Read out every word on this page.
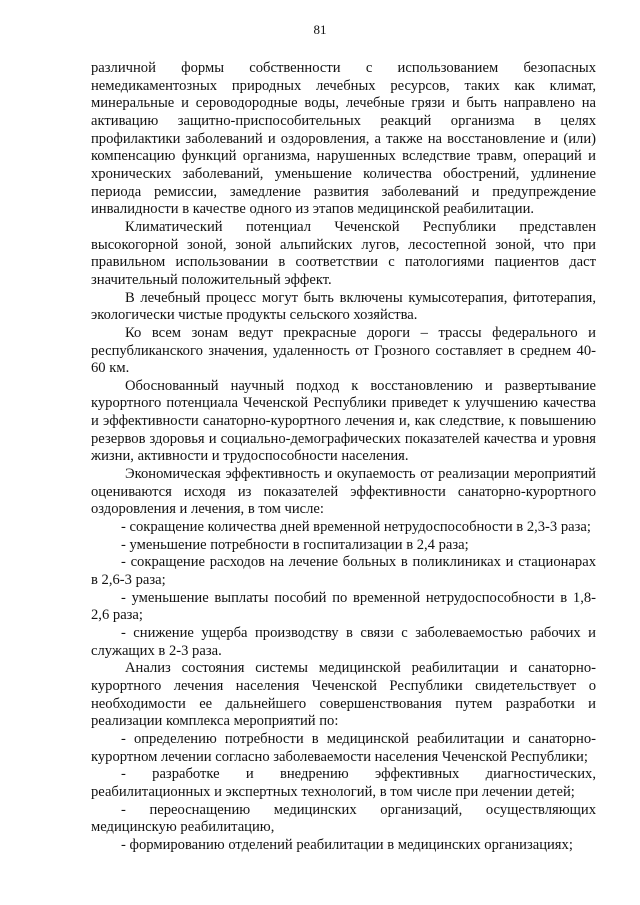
81

различной формы собственности с использованием безопасных немедикаментозных природных лечебных ресурсов, таких как климат, минеральные и сероводородные воды, лечебные грязи и быть направлено на активацию защитно-приспособительных реакций организма в целях профилактики заболеваний и оздоровления, а также на восстановление и (или) компенсацию функций организма, нарушенных вследствие травм, операций и хронических заболеваний, уменьшение количества обострений, удлинение периода ремиссии, замедление развития заболеваний и предупреждение инвалидности в качестве одного из этапов медицинской реабилитации.

Климатический потенциал Чеченской Республики представлен высокогорной зоной, зоной альпийских лугов, лесостепной зоной, что при правильном использовании в соответствии с патологиями пациентов даст значительный положительный эффект.

В лечебный процесс могут быть включены кумысотерапия, фитотерапия, экологически чистые продукты сельского хозяйства.

Ко всем зонам ведут прекрасные дороги – трассы федерального и республиканского значения, удаленность от Грозного составляет в среднем 40-60 км.

Обоснованный научный подход к восстановлению и развертывание курортного потенциала Чеченской Республики приведет к улучшению качества и эффективности санаторно-курортного лечения и, как следствие, к повышению резервов здоровья и социально-демографических показателей качества и уровня жизни, активности и трудоспособности населения.

Экономическая эффективность и окупаемость от реализации мероприятий оцениваются исходя из показателей эффективности санаторно-курортного оздоровления и лечения, в том числе:

- сокращение количества дней временной нетрудоспособности в 2,3-3 раза;

- уменьшение потребности в госпитализации в 2,4 раза;

- сокращение расходов на лечение больных в поликлиниках и стационарах в 2,6-3 раза;

- уменьшение выплаты пособий по временной нетрудоспособности в 1,8-2,6 раза;

- снижение ущерба производству в связи с заболеваемостью рабочих и служащих в 2-3 раза.

Анализ состояния системы медицинской реабилитации и санаторно-курортного лечения населения Чеченской Республики свидетельствует о необходимости ее дальнейшего совершенствования путем разработки и реализации комплекса мероприятий по:

- определению потребности в медицинской реабилитации и санаторно-курортном лечении согласно заболеваемости населения Чеченской Республики;

- разработке и внедрению эффективных диагностических, реабилитационных и экспертных технологий, в том числе при лечении детей;

- переоснащению медицинских организаций, осуществляющих медицинскую реабилитацию,

- формированию отделений реабилитации в медицинских организациях;
